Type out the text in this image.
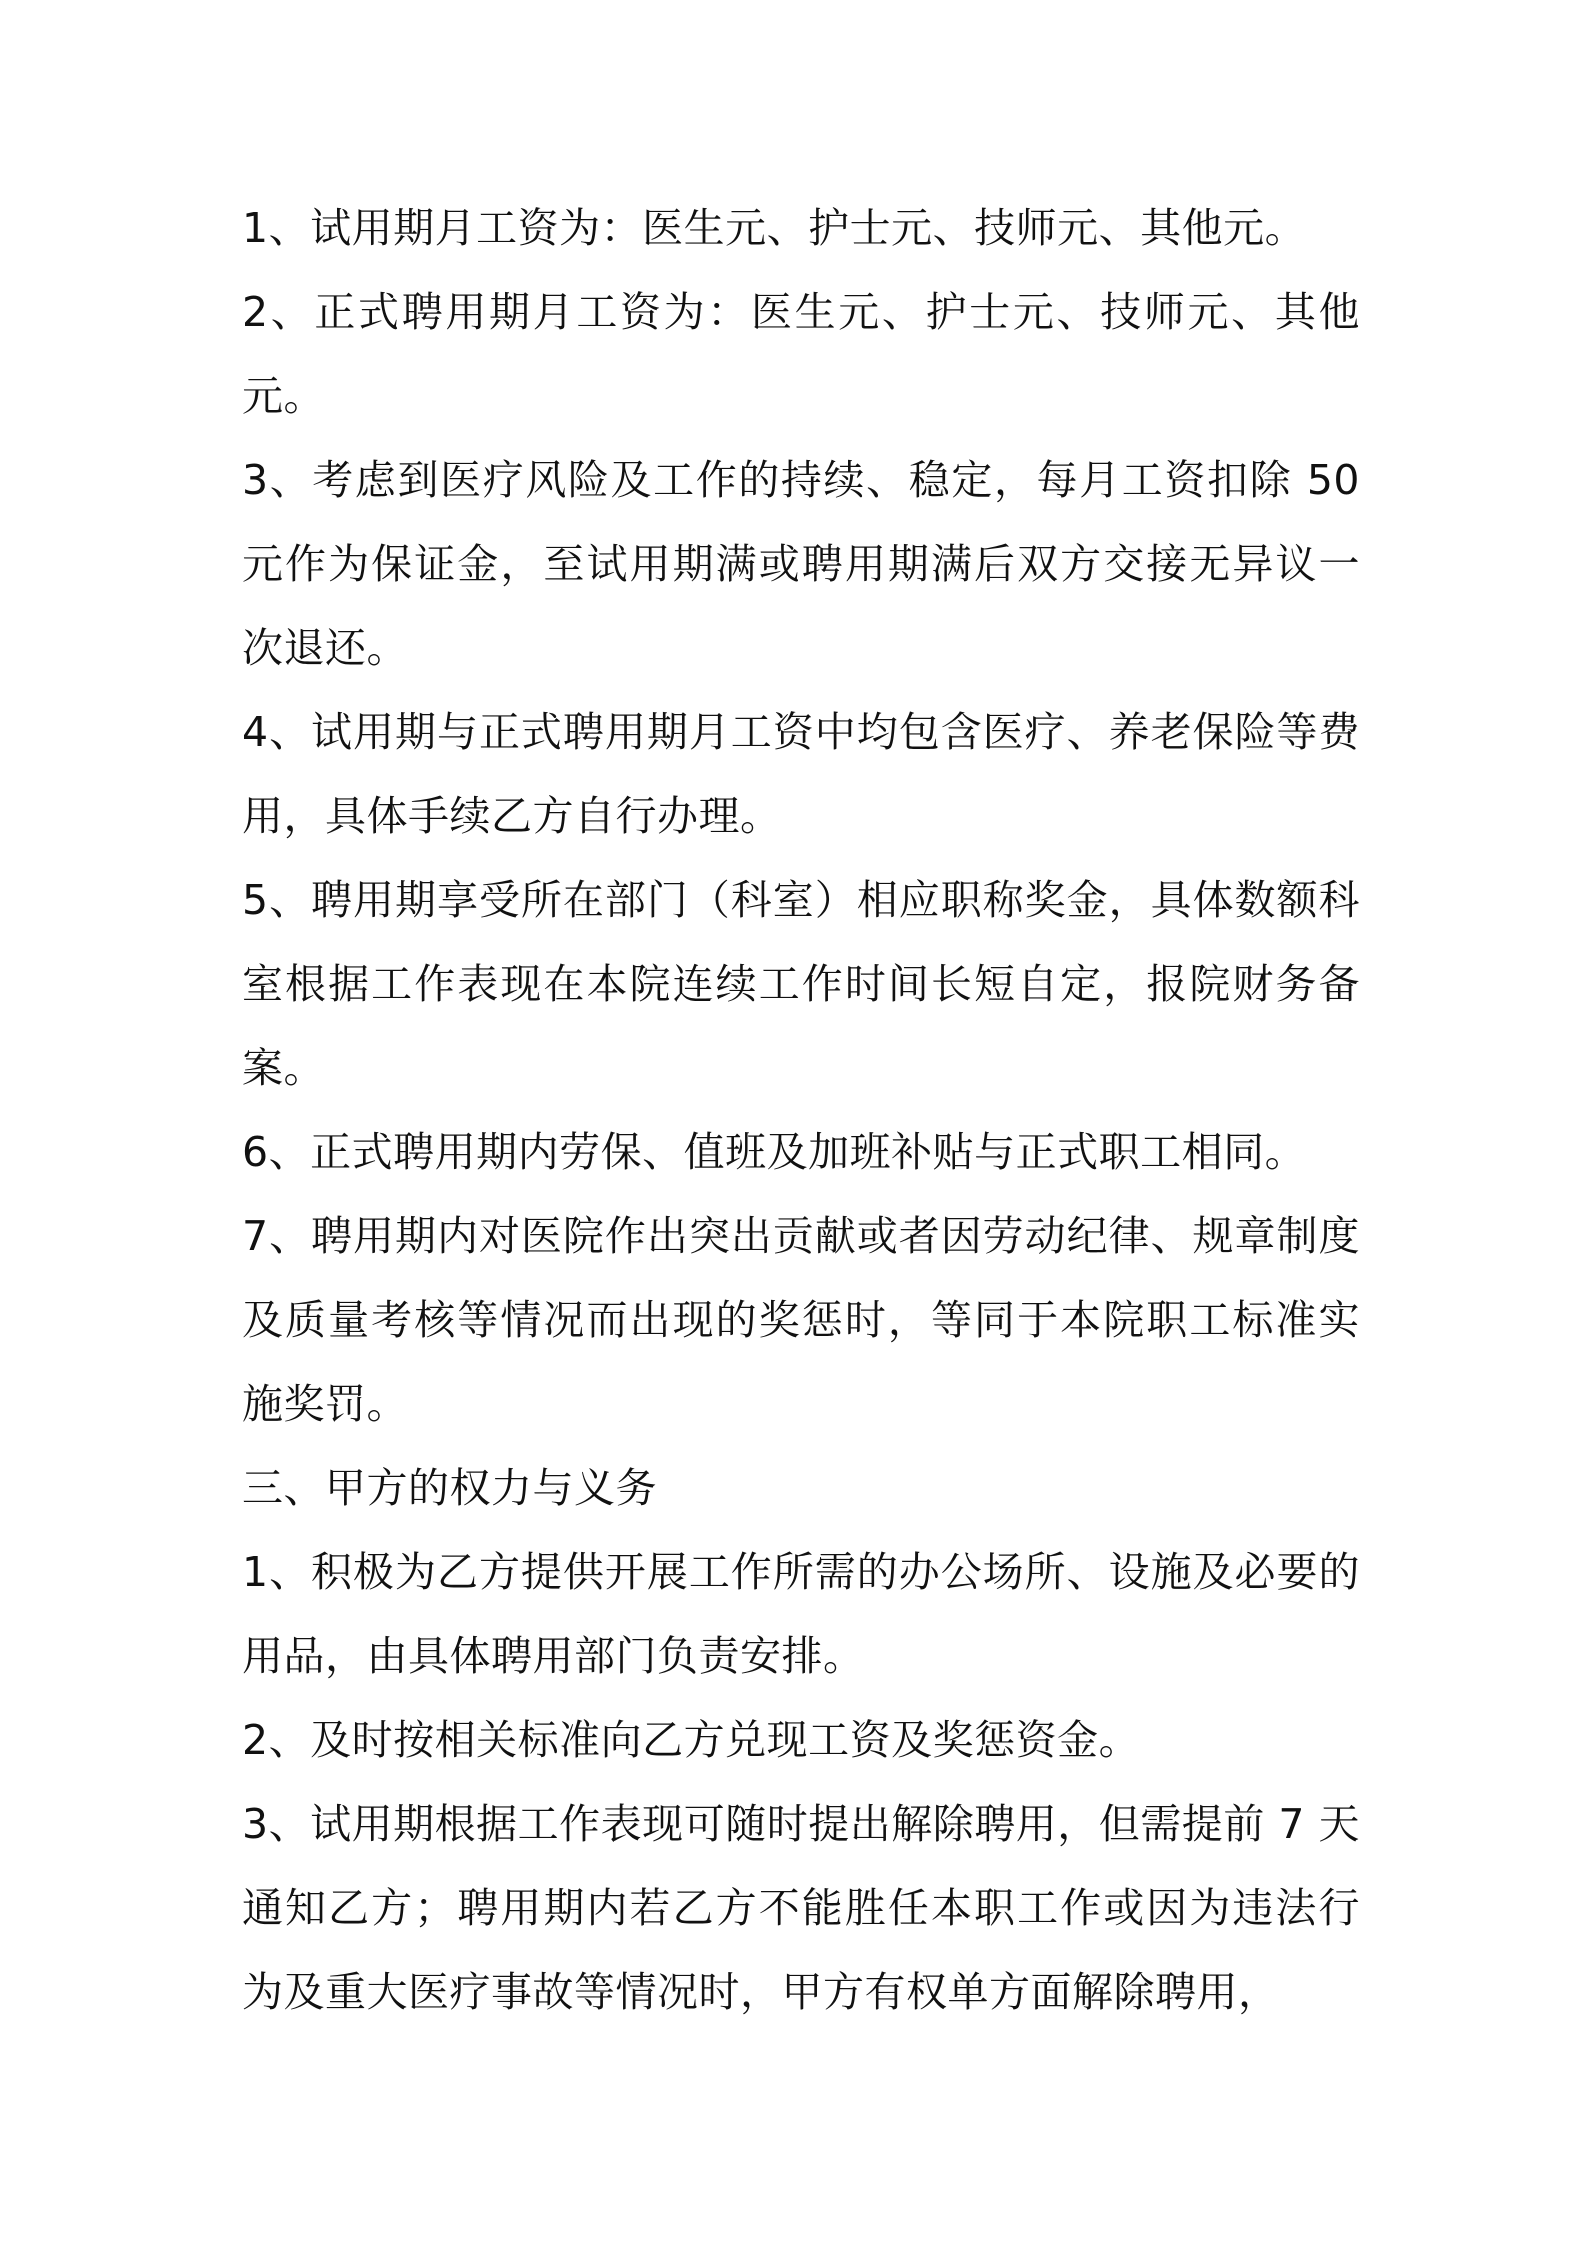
1、试用期月工资为：医生元、护士元、技师元、其他元。

2、正式聘用期月工资为：医生元、护士元、技师元、其他元。

3、考虑到医疗风险及工作的持续、稳定，每月工资扣除 50 元作为保证金，至试用期满或聘用期满后双方交接无异议一次退还。

4、试用期与正式聘用期月工资中均包含医疗、养老保险等费用，具体手续乙方自行办理。

5、聘用期享受所在部门（科室）相应职称奖金，具体数额科室根据工作表现在本院连续工作时间长短自定，报院财务备案。

6、正式聘用期内劳保、值班及加班补贴与正式职工相同。

7、聘用期内对医院作出突出贡献或者因劳动纪律、规章制度及质量考核等情况而出现的奖惩时，等同于本院职工标准实施奖罚。

三、甲方的权力与义务

1、积极为乙方提供开展工作所需的办公场所、设施及必要的用品，由具体聘用部门负责安排。

2、及时按相关标准向乙方兑现工资及奖惩资金。

3、试用期根据工作表现可随时提出解除聘用，但需提前 7 天通知乙方；聘用期内若乙方不能胜任本职工作或因为违法行为及重大医疗事故等情况时，甲方有权单方面解除聘用，
